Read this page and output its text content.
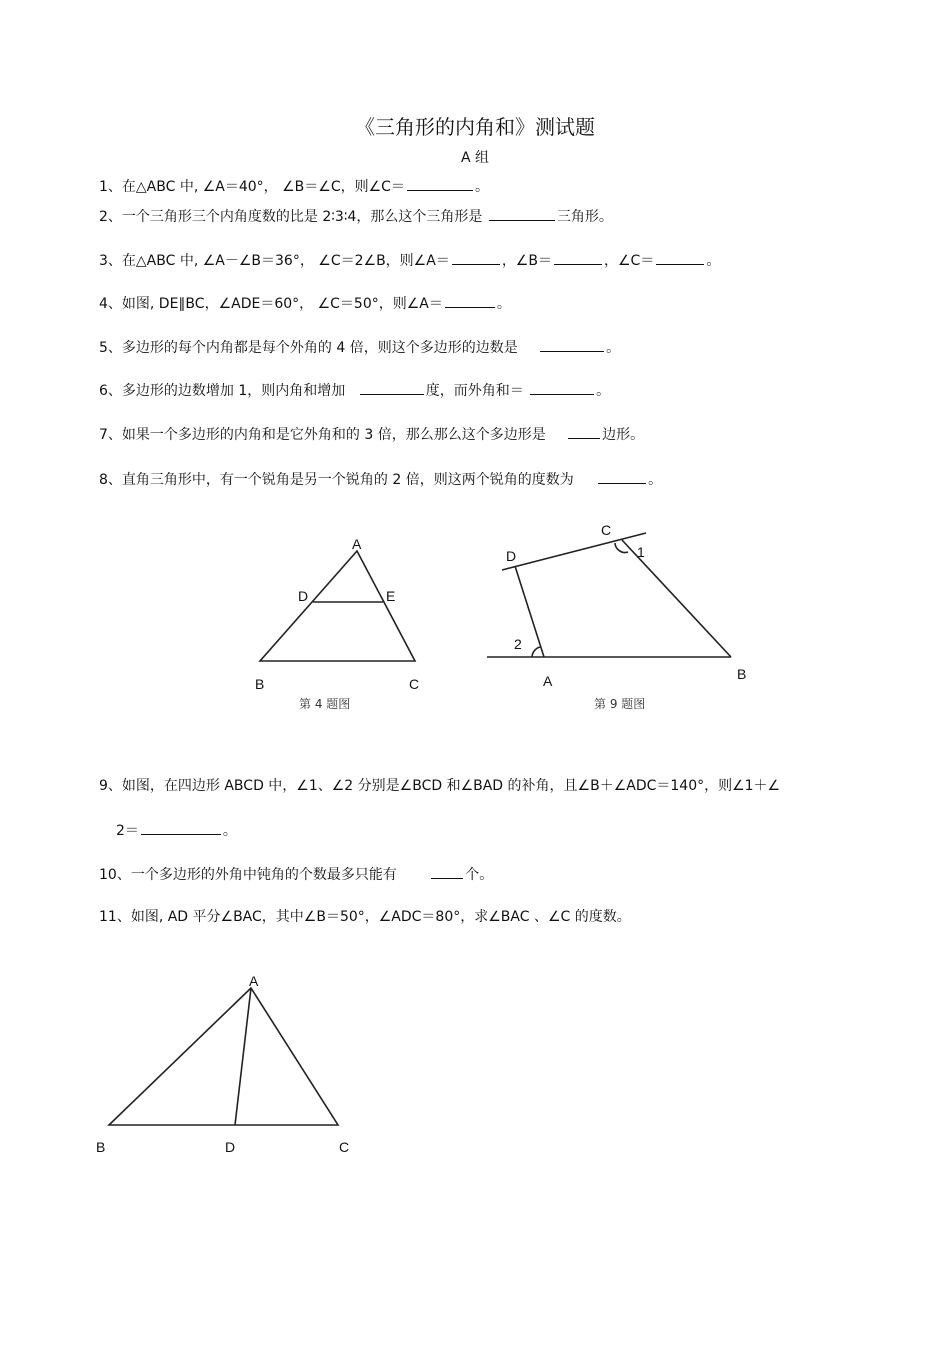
《三角形的内角和》测试题
A 组
1、在△ABC 中, ∠A＝40°， ∠B＝∠C，则∠C＝	。
2、一个三角形三个内角度数的比是 2∶3∶4，那么这个三角形是	三角形。
3、在△ABC 中, ∠A－∠B＝36°， ∠C＝2∠B，则∠A＝	，∠B＝	，∠C＝	。
4、如图, DE∥BC，∠ADE＝60°， ∠C＝50°，则∠A＝	。
5、多边形的每个内角都是每个外角的 4 倍，则这个多边形的边数是	。
6、多边形的边数增加 1，则内角和增加	度，而外角和＝	。
7、如果一个多边形的内角和是它外角和的 3 倍，那么那么这个多边形是	边形。
8、直角三角形中，有一个锐角是另一个锐角的 2 倍，则这两个锐角的度数为	。
A
D	E
B	C
第 4 题图
C
1
D
2
A	B
第 9 题图
A
B	D	C
9、如图，在四边形 ABCD 中，∠1、∠2 分别是∠BCD 和∠BAD 的补角，且∠B＋∠ADC＝140°，则∠1＋∠
2＝	。
10、一个多边形的外角中钝角的个数最多只能有	个。
11、如图, AD 平分∠BAC，其中∠B＝50°，∠ADC＝80°，求∠BAC 、∠C 的度数。
